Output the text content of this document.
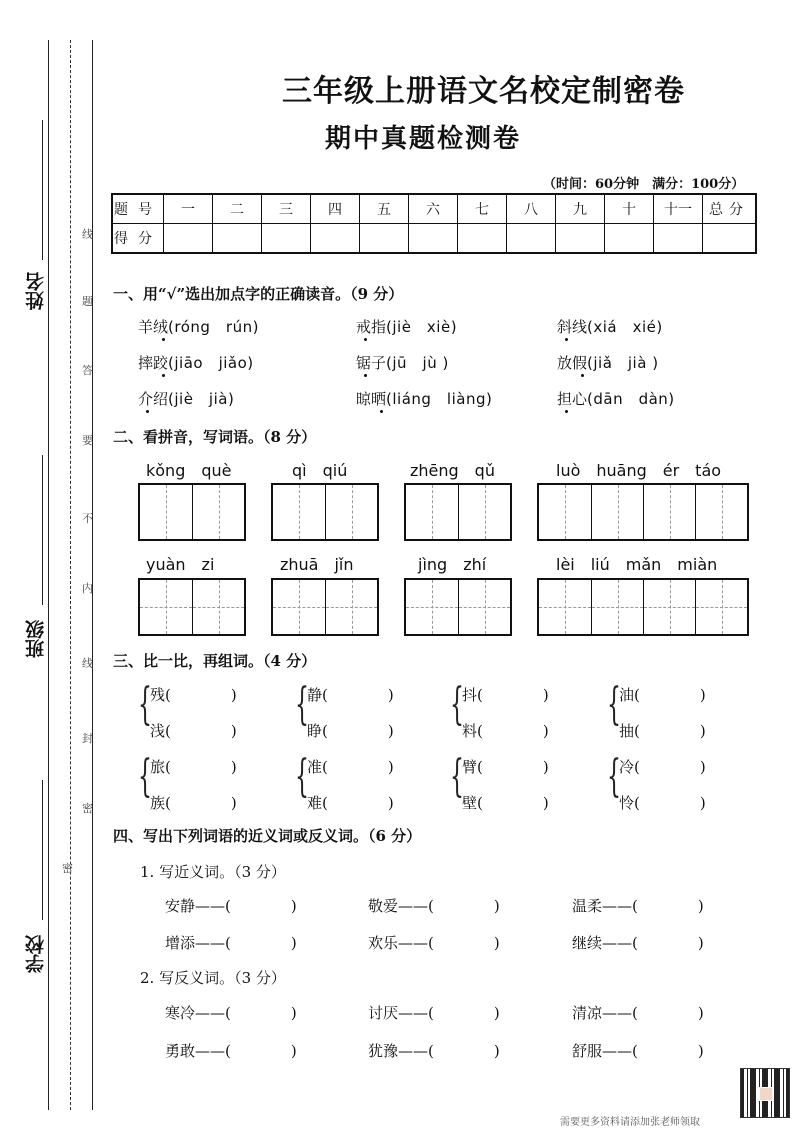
姓名
班级
学校
线
题
答
要
不
内
线
封
密
密
三年级上册语文名校定制密卷
期中真题检测卷
（时间：60分钟　满分：100分）
题号	一	二	三	四	五	六	七	八	九	十	十一	总分
得分												
一、用“√”选出加点字的正确读音。（9 分）
羊绒(róng　rún)	戒指(jiè　xiè)	斜线(xiá　xié)
摔跤(jiāo　jiǎo)	锯子(jū　jù )	放假(jiǎ　jià )
介绍(jiè　jià)	晾晒(liáng　liàng)	担心(dān　dàn)
二、看拼音，写词语。（8 分）
kǒng　què	qì　qiú	zhēng　qǔ	luò　huāng　ér　táo
yuàn　zi	zhuā　jǐn	jìng　zhí	lèi　liú　mǎn　miàn
三、比一比，再组词。（4 分）
{
残(　　　　)
浅(　　　　)
{
静(　　　　)
睁(　　　　)
{
抖(　　　　)
料(　　　　)
{
油(　　　　)
抽(　　　　)
{
旅(　　　　)
族(　　　　)
{
准(　　　　)
难(　　　　)
{
臂(　　　　)
壁(　　　　)
{
冷(　　　　)
怜(　　　　)
四、写出下列词语的近义词或反义词。（6 分）
1. 写近义词。（3 分）
安静——(　　　　)	敬爱——(　　　　)	温柔——(　　　　)
增添——(　　　　)	欢乐——(　　　　)	继续——(　　　　)
2. 写反义词。（3 分）
寒冷——(　　　　)	讨厌——(　　　　)	清凉——(　　　　)
勇敢——(　　　　)	犹豫——(　　　　)	舒服——(　　　　)
需要更多资料请添加张老师领取
